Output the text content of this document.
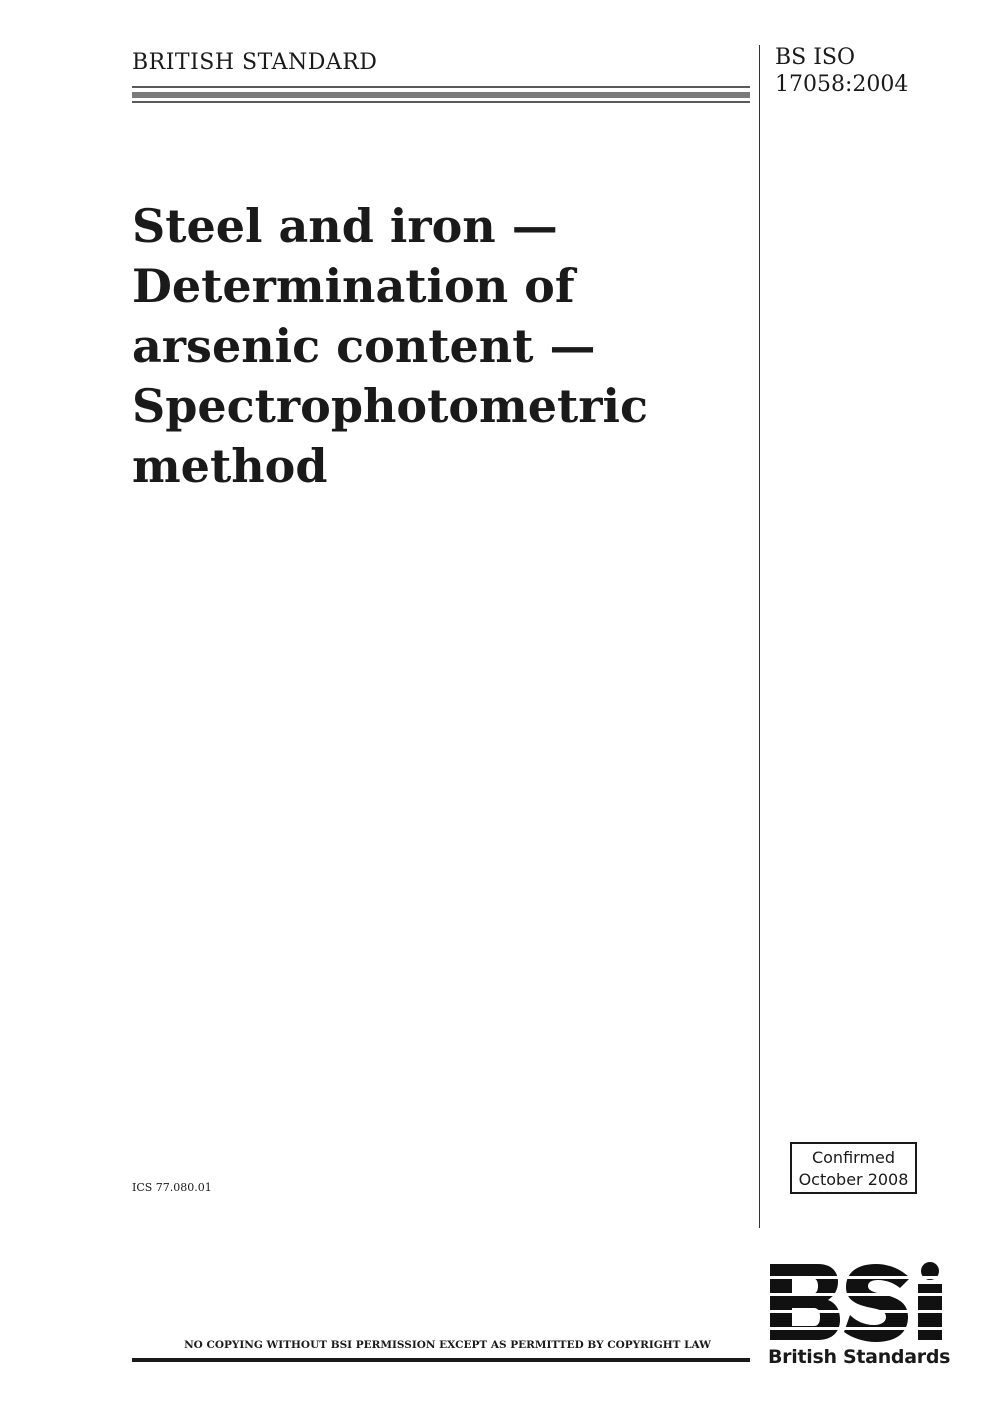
BRITISH STANDARD	BS ISO
17058:2004
Steel and iron —
Determination of
arsenic content —
Spectrophotometric
method
ICS 77.080.01
Confirmed
October 2008
British Standards
NO COPYING WITHOUT BSI PERMISSION EXCEPT AS PERMITTED BY COPYRIGHT LAW
